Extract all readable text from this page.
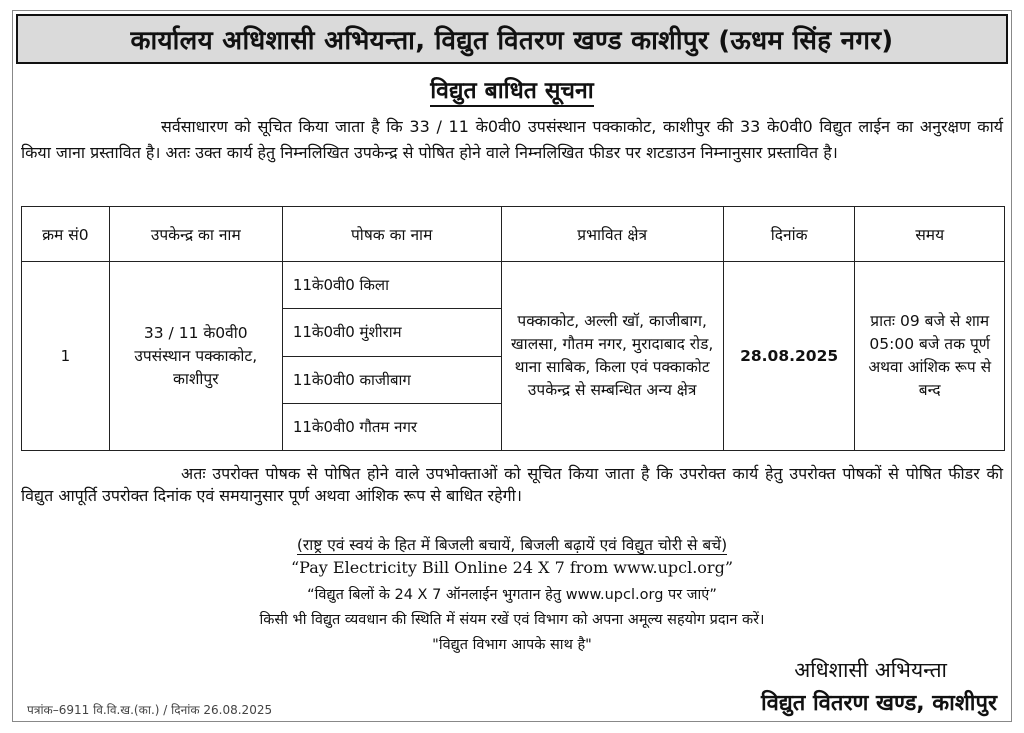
कार्यालय अधिशासी अभियन्ता, विद्युत वितरण खण्ड काशीपुर (ऊधम सिंह नगर)
विद्युत बाधित सूचना
सर्वसाधारण को सूचित किया जाता है कि 33 / 11 के0वी0 उपसंस्थान पक्काकोट, काशीपुर की 33 के0वी0 विद्युत लाईन का अनुरक्षण कार्य किया जाना प्रस्तावित है। अतः उक्त कार्य हेतु निम्नलिखित उपकेन्द्र से पोषित होने वाले निम्नलिखित फीडर पर शटडाउन निम्नानुसार प्रस्तावित है।
क्रम सं0	उपकेन्द्र का नाम	पोषक का नाम	प्रभावित क्षेत्र	दिनांक	समय
1	33 / 11 के0वी0 उपसंस्थान पक्काकोट, काशीपुर	11के0वी0 किला
11के0वी0 मुंशीराम
11के0वी0 काजीबाग
11के0वी0 गौतम नगर	पक्काकोट, अल्ली खॉ, काजीबाग, खालसा, गौतम नगर, मुरादाबाद रोड, थाना साबिक, किला एवं पक्काकोट उपकेन्द्र से सम्बन्धित अन्य क्षेत्र	28.08.2025	प्रातः 09 बजे से शाम 05:00 बजे तक पूर्ण अथवा आंशिक रूप से बन्द
अतः उपरोक्त पोषक से पोषित होने वाले उपभोक्ताओं को सूचित किया जाता है कि उपरोक्त कार्य हेतु उपरोक्त पोषकों से पोषित फीडर की विद्युत आपूर्ति उपरोक्त दिनांक एवं समयानुसार पूर्ण अथवा आंशिक रूप से बाधित रहेगी।
(राष्ट्र एवं स्वयं के हित में बिजली बचायें, बिजली बढ़ायें एवं विद्युत चोरी से बचें)
“Pay Electricity Bill Online 24 X 7 from www.upcl.org”
“विद्युत बिलों के 24 X 7 ऑनलाईन भुगतान हेतु www.upcl.org पर जाएं”
किसी भी विद्युत व्यवधान की स्थिति में संयम रखें एवं विभाग को अपना अमूल्य सहयोग प्रदान करें।
"विद्युत विभाग आपके साथ है"
अधिशासी अभियन्ता
विद्युत वितरण खण्ड, काशीपुर
पत्रांक–6911 वि.वि.ख.(का.) / दिनांक 26.08.2025
